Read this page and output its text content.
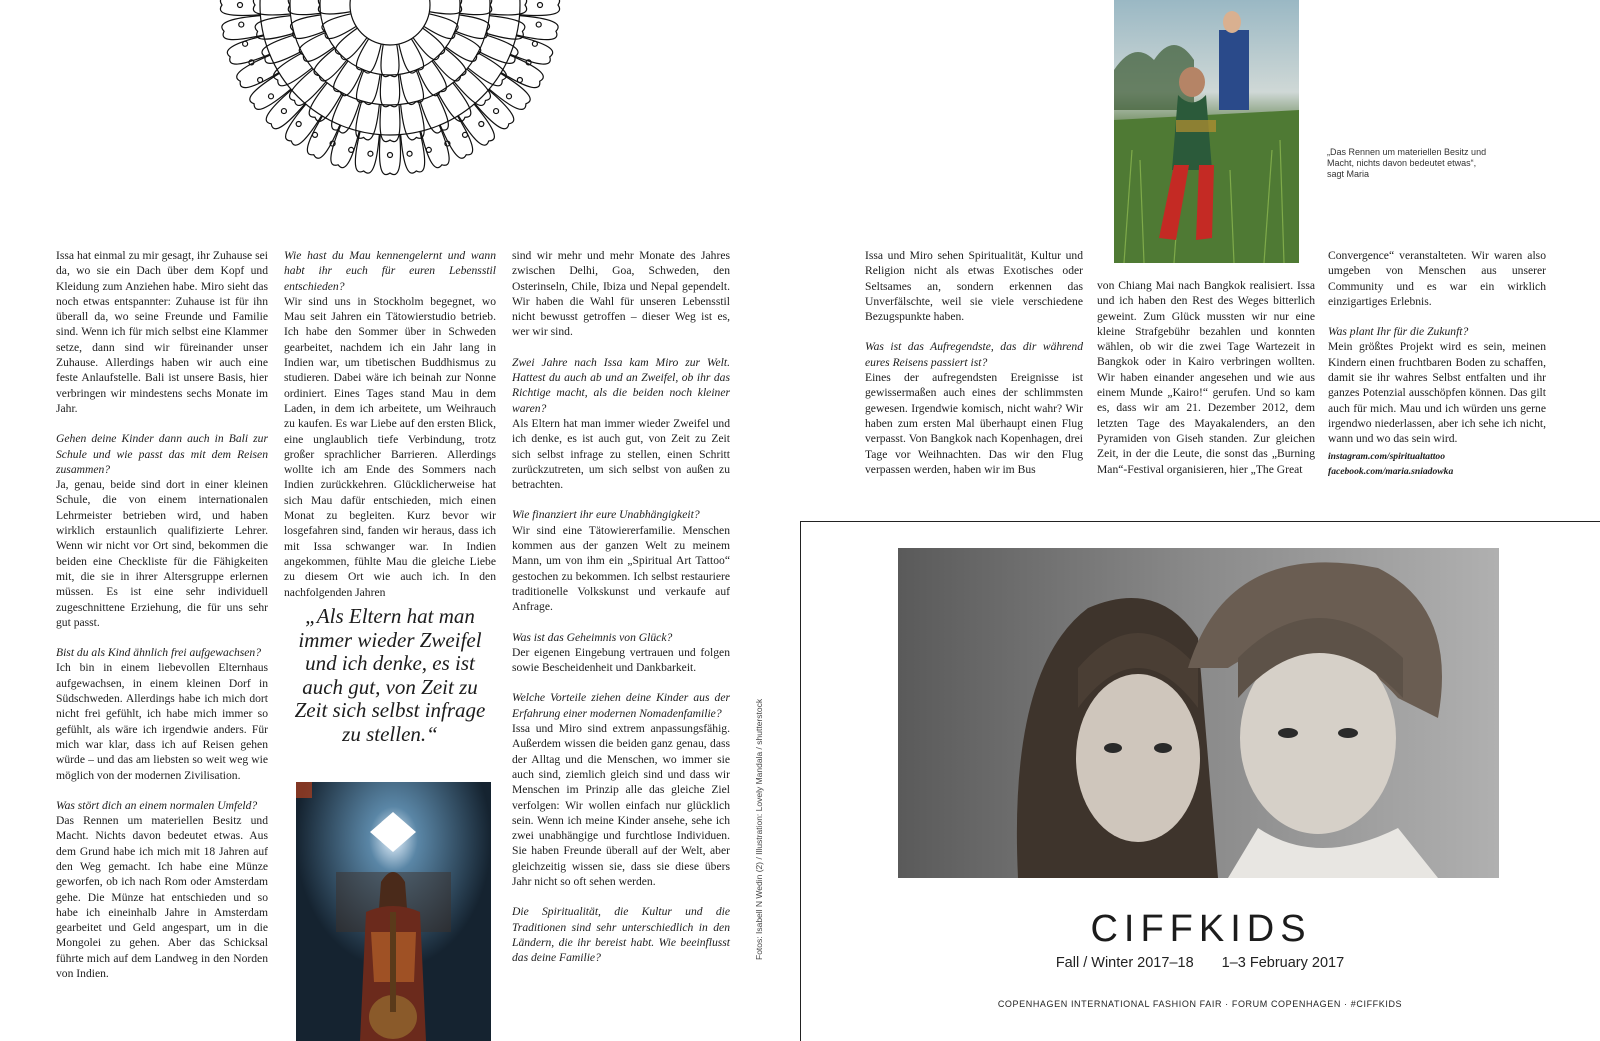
Issa hat einmal zu mir gesagt, ihr Zuhause sei da, wo sie ein Dach über dem Kopf und Kleidung zum Anziehen habe. Miro sieht das noch etwas entspannter: Zuhause ist für ihn überall da, wo seine Freunde und Familie sind. Wenn ich für mich selbst eine Klammer setze, dann sind wir füreinander unser Zuhause. Allerdings haben wir auch eine feste Anlaufstelle. Bali ist unsere Basis, hier verbringen wir mindestens sechs Monate im Jahr.

Gehen deine Kinder dann auch in Bali zur Schule und wie passt das mit dem Reisen zusammen?

Ja, genau, beide sind dort in einer kleinen Schule, die von einem internationalen Lehrmeister betrieben wird, und haben wirklich erstaunlich qualifizierte Lehrer. Wenn wir nicht vor Ort sind, bekommen die beiden eine Checkliste für die Fähigkeiten mit, die sie in ihrer Altersgruppe erlernen müssen. Es ist eine sehr individuell zugeschnittene Erziehung, die für uns sehr gut passt.

Bist du als Kind ähnlich frei aufgewachsen?

Ich bin in einem liebevollen Elternhaus aufgewachsen, in einem kleinen Dorf in Südschweden. Allerdings habe ich mich dort nicht frei gefühlt, ich habe mich immer so gefühlt, als wäre ich irgendwie anders. Für mich war klar, dass ich auf Reisen gehen würde – und das am liebsten so weit weg wie möglich von der modernen Zivilisation.

Was stört dich an einem normalen Umfeld?

Das Rennen um materiellen Besitz und Macht. Nichts davon bedeutet etwas. Aus dem Grund habe ich mich mit 18 Jahren auf den Weg gemacht. Ich habe eine Münze geworfen, ob ich nach Rom oder Amsterdam gehe. Die Münze hat entschieden und so habe ich eineinhalb Jahre in Amsterdam gearbeitet und Geld angespart, um in die Mongolei zu gehen. Aber das Schicksal führte mich auf dem Landweg in den Norden von Indien.

Wie hast du Mau kennengelernt und wann habt ihr euch für euren Lebensstil entschieden?

Wir sind uns in Stockholm begegnet, wo Mau seit Jahren ein Tätowierstudio betrieb. Ich habe den Sommer über in Schweden gearbeitet, nachdem ich ein Jahr lang in Indien war, um tibetischen Buddhismus zu studieren. Dabei wäre ich beinah zur Nonne ordiniert. Eines Tages stand Mau in dem Laden, in dem ich arbeitete, um Weihrauch zu kaufen. Es war Liebe auf den ersten Blick, eine unglaublich tiefe Verbindung, trotz großer sprachlicher Barrieren. Allerdings wollte ich am Ende des Sommers nach Indien zurückkehren. Glücklicherweise hat sich Mau dafür entschieden, mich einen Monat zu begleiten. Kurz bevor wir losgefahren sind, fanden wir heraus, dass ich mit Issa schwanger war. In Indien angekommen, fühlte Mau die gleiche Liebe zu diesem Ort wie auch ich. In den nachfolgenden Jahren

sind wir mehr und mehr Monate des Jahres zwischen Delhi, Goa, Schweden, den Osterinseln, Chile, Ibiza und Nepal gependelt. Wir haben die Wahl für unseren Lebensstil nicht bewusst getroffen – dieser Weg ist es, wer wir sind.

Zwei Jahre nach Issa kam Miro zur Welt. Hattest du auch ab und an Zweifel, ob ihr das Richtige macht, als die beiden noch kleiner waren?

Als Eltern hat man immer wieder Zweifel und ich denke, es ist auch gut, von Zeit zu Zeit sich selbst infrage zu stellen, einen Schritt zurückzutreten, um sich selbst von außen zu betrachten.

Wie finanziert ihr eure Unabhängigkeit?

Wir sind eine Tätowiererfamilie. Menschen kommen aus der ganzen Welt zu meinem Mann, um von ihm ein „Spiritual Art Tattoo“ gestochen zu bekommen. Ich selbst restauriere traditionelle Volkskunst und verkaufe auf Anfrage.

Was ist das Geheimnis von Glück?

Der eigenen Eingebung vertrauen und folgen sowie Bescheidenheit und Dankbarkeit.

Welche Vorteile ziehen deine Kinder aus der Erfahrung einer modernen Nomadenfamilie?

Issa und Miro sind extrem anpassungsfähig. Außerdem wissen die beiden ganz genau, dass der Alltag und die Menschen, wo immer sie auch sind, ziemlich gleich sind und dass wir Menschen im Prinzip alle das gleiche Ziel verfolgen: Wir wollen einfach nur glücklich sein. Wenn ich meine Kinder ansehe, sehe ich zwei unabhängige und furchtlose Individuen. Sie haben Freunde überall auf der Welt, aber gleichzeitig wissen sie, dass sie diese übers Jahr nicht so oft sehen werden.

Die Spiritualität, die Kultur und die Traditionen sind sehr unterschiedlich in den Ländern, die ihr bereist habt. Wie beeinflusst das deine Familie?

Issa und Miro sehen Spiritualität, Kultur und Religion nicht als etwas Exotisches oder Seltsames an, sondern erkennen das Unverfälschte, weil sie viele verschiedene Bezugspunkte haben.

Was ist das Aufregendste, das dir während eures Reisens passiert ist?

Eines der aufregendsten Ereignisse ist gewissermaßen auch eines der schlimmsten gewesen. Irgendwie komisch, nicht wahr? Wir haben zum ersten Mal überhaupt einen Flug verpasst. Von Bangkok nach Kopenhagen, drei Tage vor Weihnachten. Das wir den Flug verpassen werden, haben wir im Bus

von Chiang Mai nach Bangkok realisiert. Issa und ich haben den Rest des Weges bitterlich geweint. Zum Glück mussten wir nur eine kleine Strafgebühr bezahlen und konnten wählen, ob wir die zwei Tage Wartezeit in Bangkok oder in Kairo verbringen wollten. Wir haben einander angesehen und wie aus einem Munde „Kairo!“ gerufen. Und so kam es, dass wir am 21. Dezember 2012, dem letzten Tage des Mayakalenders, an den Pyramiden von Giseh standen. Zur gleichen Zeit, in der die Leute, die sonst das „Burning Man“-Festival organisieren, hier „The Great

Convergence“ veranstalteten. Wir waren also umgeben von Menschen aus unserer Community und es war ein wirklich einzigartiges Erlebnis.

Was plant Ihr für die Zukunft?

Mein größtes Projekt wird es sein, meinen Kindern einen fruchtbaren Boden zu schaffen, damit sie ihr wahres Selbst entfalten und ihr ganzes Potenzial ausschöpfen können. Das gilt auch für mich. Mau und ich würden uns gerne irgendwo niederlassen, aber ich sehe ich nicht, wann und wo das sein wird.

instagram.com/spiritualtattoo

facebook.com/maria.sniadowka

„Als Eltern hat man immer wieder Zweifel und ich denke, es ist auch gut, von Zeit zu Zeit sich selbst infrage zu stellen.“	Fotos: Isabell N Wedin (2) / Illustration: Lovely Mandala / shutterstock
„Das Rennen um materiellen Besitz und Macht, nichts davon bedeutet etwas“, sagt Maria
CIFFKIDS
Fall / Winter 2017–18 1–3 February 2017
COPENHAGEN INTERNATIONAL FASHION FAIR · FORUM COPENHAGEN · #CIFFKIDS
